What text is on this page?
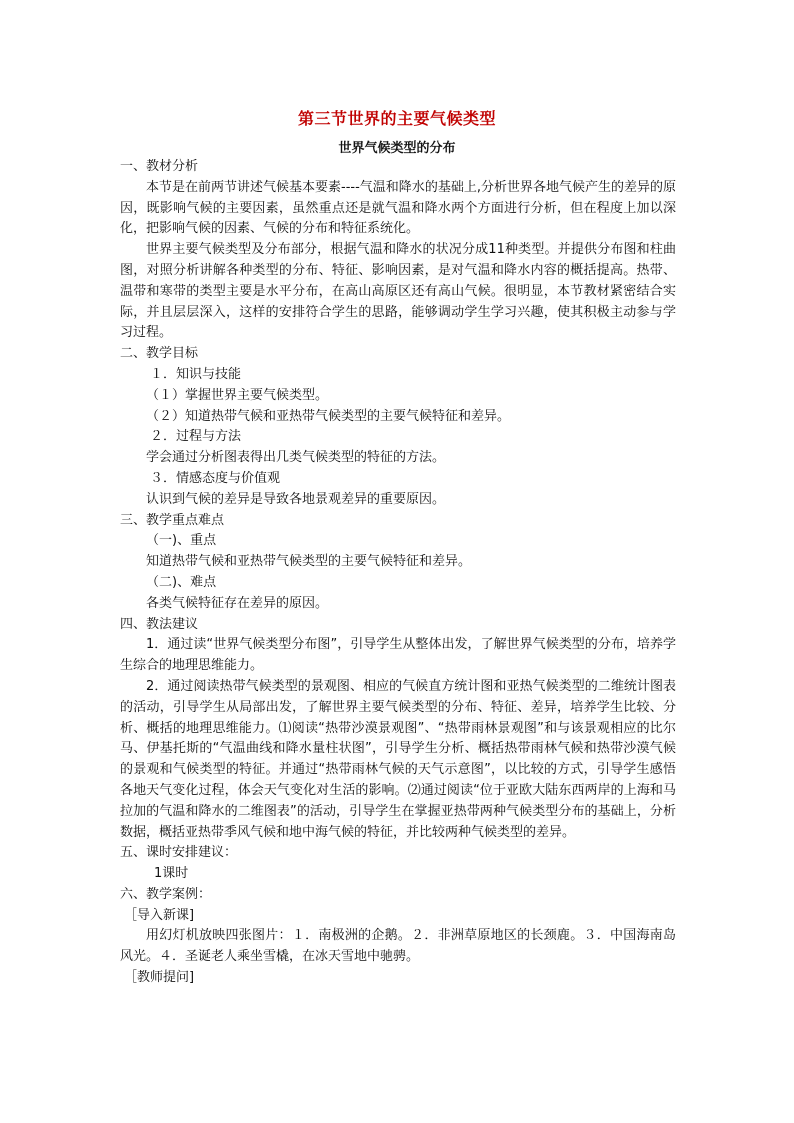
第三节世界的主要气候类型
世界气候类型的分布

一、教材分析

本节是在前两节讲述气候基本要素----气温和降水的基础上,分析世界各地气候产生的差异的原因，既影响气候的主要因素，虽然重点还是就气温和降水两个方面进行分析，但在程度上加以深化，把影响气候的因素、气候的分布和特征系统化。

世界主要气候类型及分布部分，根据气温和降水的状况分成11种类型。并提供分布图和柱曲图，对照分析讲解各种类型的分布、特征、影响因素，是对气温和降水内容的概括提高。热带、温带和寒带的类型主要是水平分布，在高山高原区还有高山气候。很明显，本节教材紧密结合实际，并且层层深入，这样的安排符合学生的思路，能够调动学生学习兴趣，使其积极主动参与学习过程。

二、教学目标

１．知识与技能

（１）掌握世界主要气候类型。

（２）知道热带气候和亚热带气候类型的主要气候特征和差异。

２．过程与方法

学会通过分析图表得出几类气候类型的特征的方法。

３．情感态度与价值观

认识到气候的差异是导致各地景观差异的重要原因。

三、教学重点难点

（一)、重点

知道热带气候和亚热带气候类型的主要气候特征和差异。

（二)、难点

各类气候特征存在差异的原因。

四、教法建议

1．通过读“世界气候类型分布图”，引导学生从整体出发，了解世界气候类型的分布，培养学生综合的地理思维能力。

2．通过阅读热带气候类型的景观图、相应的气候直方统计图和亚热气候类型的二维统计图表的活动，引导学生从局部出发，了解世界主要气候类型的分布、特征、差异，培养学生比较、分析、概括的地理思维能力。⑴阅读“热带沙漠景观图”、“热带雨林景观图”和与该景观相应的比尔马、伊基托斯的“气温曲线和降水量柱状图”，引导学生分析、概括热带雨林气候和热带沙漠气候的景观和气候类型的特征。并通过“热带雨林气候的天气示意图”，以比较的方式，引导学生感悟各地天气变化过程，体会天气变化对生活的影响。⑵通过阅读“位于亚欧大陆东西两岸的上海和马拉加的气温和降水的二维图表”的活动，引导学生在掌握亚热带两种气候类型分布的基础上，分析数据，概括亚热带季风气候和地中海气候的特征，并比较两种气候类型的差异。

五、课时安排建议：

1课时

六、教学案例：

［导入新课]

用幻灯机放映四张图片：１．南极洲的企鹅。２．非洲草原地区的长颈鹿。３．中国海南岛风光。４．圣诞老人乘坐雪橇，在冰天雪地中驰骋。

［教师提问]
